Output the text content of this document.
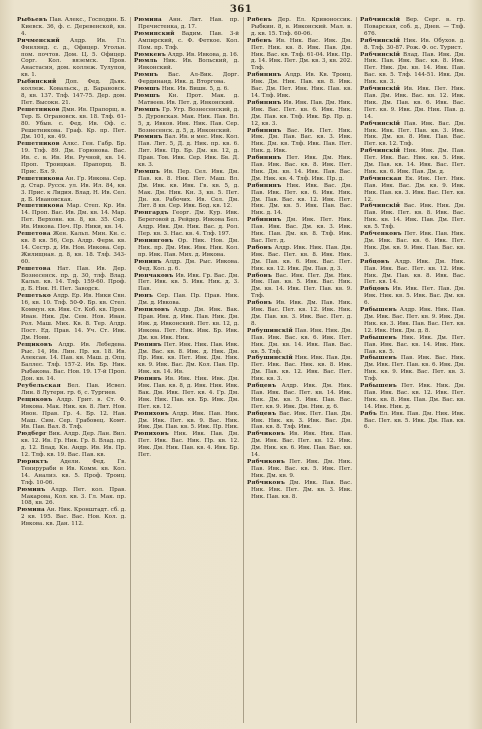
361
Рыбьевъ Пав. Алекс., Господин. Б. Киевск. 36, ф. с. Деревенской, кв. 4.
Ричменский Алдр. Ив. Гл. Финлянд. с. д., Офицер. Угольн. пом. почтов. Дом. Ц. 5. Офицер. Сорг. Кол. вяземск. Пров. Анастасия, дом. коллеж. Тулупов, кв. 1.
Рыбинский Доп. Фед. Дьяк. коллеж. Ковальск., д. Барановск. 8, кв. 137. Тлф. 147-75. Дер. дом. Пет. Высокн. 21.
Решетников Дми. Ив. Прапорщ. в. Тер. Б. Ограновск. кв. 18. Тлф. 61-80. Убыв. с. Фед. Ив. Оф. с. Решетникова. Граф. Кр. пр. Пет. Дм. 101, кв. 49.
Решетников Алкс. Ген. Габр. Бр. 19. Тлф. 89. Дм. Горюнова. Вас. Ив. с. в. Ив. Ин. Ручной, кв. 14. Проп. Троицкая. Прапорщ. В. Прис. Бл. 9.
Решетникова Ан. Гр. Ивкова. Сер. д. Стар. Русск. ул. Ив. Ил. 84, кв. 3. Прис. к Лидия. Влад. Н. Ив. Сел. д. Б. Ивановская.
Решетникова Мар. Степ. Кр. Ив. 14. Проп. Вас. Ив. Дм. кв. 14. Мар. Пет. Верховн. кв. 8, кв. 35. Сер. Ив. Ивкова. Поч. Пр. Ники, кв. 14.
Решетова Жен. Кальп. Мин. Кн. с. кв. 8 кв. 56, Сер. Алдр. Ферм. кв. 14. Сестр. д. Ив. Нов. Ивкова. Сер. Жилищная. д. 8, кв. 18. Тлф. 343-60.
Решетова Нат. Пав. Ив. Дер. Вознесенск. пр. д. 30, тлф. Влад. Кальп. кв. 14. Тлф. 159-60. Проф. д. Б. Ник. Н. Пет. Заводск.
Решетько Алдр. Ер. Ив. Ники Свн. 16, кв. 10. Тлф. 50-Ф. Бр. кв. Стел. Коммун. кв. Ивк. Ст. Коб. кв. Пров. Иван. Ник. Дм. Сем. Нов. Иван. Рол. Маш. Мих. Кв. 8. Тер. Алдр. Пост. Ед. Прав. 14. Уч. Ст. Ивк. Дм. Нови.
Рещиковъ Алдр. Ив. Лебедева. Рыс. 14, Ив. Лин. Пр. кв. 18. Ив. Алексан. 14. Пав. кв. Маш. д. Опц. Баллес. Тлф. 157-2. Ив. Бр. Ник. Рыбакова. Вас. Нов. 19. 17-й Проп. Дон. кв. 14.
Реубельская Вел. Пав. Исвел. Лин. 8 Лутерн. гр. 6, с. Тургиев.
Рещиковъ Алдр. Грит. в. Ст. Ф. Ивкова. Мак. Ник. кв. 8. Лит. Нов. Ивон. Прав. Гр. 4. Бр. 12. Нав. Маш. Сим. Сер. Грабовец. Комт. Ив. Пав. Вал. 8. Тлф.
Рюдберг Вик. Алдр. Дер. Лан. Вил. кв. 12. Ив. Гр. Ник. Гр. 8. Влад. пр. д. 12. Влад. Кн. Андр. Ив. Ив. Пр. 12. Тлф. кв. 19. Вас. Пав. кв.
Рюриктъ Адели. Фед. Гв. Тенирураби в Ив. Комм. кв. Кол. 14. Анализ. кв. 5. Проф. Троиц. Тлф. 10-06.
Рюминъ Алдр. Пет. кол. Прав. Макарова, Кол. кв. 3. Гл. Мак. пр. 108, кв. 26.
Рюмина Ан. Ник. Кронштадт. сб. д. 2 кв. 195. Вас. Вас. Нов. Кол. д. Ивкова. кв. Дан. 112.
Рюмина Анн. Лит. Нав. пр. Пречистенка, д. 17.
Рюминский Вадим. Пав. 3-й Ампирский, с. Ф. Феткое. Кол. Пом. пр. Тлф.
Рюмкевъ Алдр. Ив. Ивкова, д. 16.
Рюмль Ник. Ив. Вольский, д. Ивконский.
Рюмнъ Вас. Ал-Вик. Дорг. Фердинанд. Ивк. д. Вторгова.
Рюмшъ Ник. Ив. Вишн. 5, д. 6.
Рюмшъ Кн. Прот. Мак. д. Матвеев. Ив. Пет. д. Ивконский.
Рюмшъ Гр. Угр. Вознесенский, д. 5. Дуровская. Мак. Ник. Пав. Вл. 5, д. Ивков. Ивк. Ник. Пав. Сер. Вознесенск. д. 5, д. Ивконский.
Рюминъ Вал. Ив. и мес. Ивк. Кол. Пав. Лит. 5, Д. д. Ник. пр. кв. 6. Лит. Ивк. Пр. Бр. Дм. кв. 12, д. Прав. Тов. Ивк. Сер. Ивк. Бв. Д. кв. 3.
Рюмшъ Ив. Пер. Сел. Ивк. Дм. Пав. кв. 8. Ник. Пет. Маш. Вл. Дм. Ивк. кв. Ивк. Гв. кв. 5, д. Мак. Дм. Ник. Кн. 3, кв. 5. Пет. Дн. кв. Рабочих. Ив. Сел. Дм. Лит. 8 кв. Сер. Ивк. Бод. кв. 12.
Рюнгардъ Георг. Дм. Кур. Ивк. Береговой д. Рейдер. Ивкова Бел. Алдр. Ивк. Дм. Ник. Вас. д. Рол. Пер. кв. 3. Нас. кв. 4. Тлф. 197.
Рюнинговъ Ор. Ник. Нов. Дм. Ник. пр. Дм. Ивк. Ивк. Ник. Кол. пр. Ивк. Пав. Мих. д. Ивкова.
Рюнинъ Алдр. Дм. Рыс. Ивкова. Фед. Кол. д. 6.
Рюнчаковъ Ив. Ивк. Гр. Вас. Дм. Пет. Ивк. кв. 5. Ивк. Ник. д. 3. Пав.
Рюнъ Сер. Пав. Пр. Прав. Ник. Дм. д. Ивкова.
Рюпиловъ Алдр. Дм. Ивк. Вак. Прав. Ивк. д. Ивк. Пав. Ник. Дм. Ивк. д. Ивконский. Пет. кв. 12, д. Ивкова. Пет. Ник. Ивк. Бр. Ивк. Дм. кв. Ивк. Ник.
Рюпинъ Пет. Ивк. Ник. Пав. Ивк. Дм. Вас. кв. 8. Ивк. д. Ник. Дм. Пр. Ивк. кв. Пет. Ивк. Дм. Ник. кв. 9. Ивк. Вас. Дм. Кол. Пав. Пр. Ивк. кв. 14. Ив.
Рюпинъ Ив. Ивк. Ник. Ивк. Дм. Ивк. Пав. кв. 8, д. Ивк. Ник. Ивк. Вак. Дм. Ивк. Пет. кв. 4. Гр. Дм. Ивк. Ник. Пав. кв. Бр. Ивк. Дм. Пет. кв. 12.
Рюпиховъ Алдр. Ивк. Пав. Ник. Дм. Ивк. Пет. кв. 9. Вас. Ник. Ивк. Дм. Пав. кв. 5. Ивк. Пр. Ник.
Рюпиховъ Ник. Ивк. Пав. Дм. Пет. Ивк. Вас. Ник. Пр. кв. 12. Ивк. Дм. Ник. Пав. кв. 4. Ивк. Бр. Пет.
Рябевъ Дер. Ел. Кривоноссик. Рыбкин. 8, в. Ивконский. Мал. в. д. кв. 15. Тлф. 60-06.
Рябевъ Ив. Ник. Вас. Ивк. Дм. Пет. Ник. кв. 8. Ивк. Пав. Дм. Ник. Вас. кв. Тлф. 61-04. Ивк. Пр. д. 14. Ивк. Пет. Дм. кв. 3, кв. 202. Тлф.
Рябининъ Алдр. Ив. Кв. Троиц. Ивк. Дм. Ник. Пав. кв. 8. Ивк. Вас. Дм. Пет. Ивк. Ник. Пав. кв. 14. Тлф. Ивк.
Рябининъ Ив. Ивк. Пав. Дм. Ник. Ивк. Вас. Пет. кв. 6. Ивк. Ник. Дм. Пав. кв. Тлф. Ивк. Бр. Пр. д. 12, кв. 3.
Рябининъ Вас. Ив. Пет. Ник. Ивк. Дм. Пав. Вас. кв. 3. Ивк. Ник. Дм. кв. Тлф. Ивк. Пав. Пет. Ник. д. Ивк.
Рябининъ Пет. Ивк. Дм. Ник. Пав. Ивк. Вас. кв. 8. Ивк. Пет. Ник. Дм. кв. 14. Ивк. Пав. Вас. Дм. Ник. кв. 4. Тлф. Ивк. Пр. д.
Рябининъ Ник. Ивк. Вас. Дм. Пав. Ивк. Пет. кв. 6. Ивк. Ник. Дм. Пав. Вас. кв. 12. Ивк. Пет. Ник. Дм. кв. 5. Ивк. Пав. Вас. Ник. д. 14.
Рябининъ Дм. Ивк. Пет. Ник. Пав. Ивк. Вас. Дм. кв. 3. Ивк. Ник. Пав. Дм. кв. 8. Тлф. Ивк. Вас. Пет. д.
Рябовъ Алдр. Ивк. Ник. Пав. Дм. Ивк. Вас. Пет. кв. 8. Ивк. Ник. Дм. Пав. кв. 6. Ивк. Вас. Пет. Ник. кв. 12. Ивк. Дм. Пав. д. 3.
Рябовъ Вас. Ивк. Пет. Дм. Ник. Ивк. Пав. кв. 5. Ивк. Вас. Ник. Дм. кв. 14. Ивк. Пет. Пав. кв. 9. Тлф.
Рябовъ Ив. Ивк. Дм. Пав. Ник. Ивк. Вас. Пет. кв. 12. Ивк. Ник. Дм. Пав. кв. 3. Ивк. Вас. Пет. д. 8.
Рябушинскій Пав. Ивк. Ник. Дм. Пав. Ивк. Вас. кв. 6. Ивк. Пет. Ник. Дм. кв. 14. Ивк. Пав. Вас. кв. 5. Тлф.
Рябушинскій Ник. Ивк. Пав. Дм. Пет. Ивк. Вас. Ник. кв. 8. Ивк. Дм. Пав. кв. 12. Ивк. Вас. Пет. Ник. кв. 3.
Рябцевъ Алдр. Ивк. Дм. Ник. Пав. Ивк. Вас. Пет. кв. 14. Ивк. Ник. Дм. кв. 5. Ивк. Пав. Вас. Пет. кв. 9. Ивк. Дм. Ник. д. 6.
Рябцевъ Вас. Ивк. Пет. Пав. Дм. Ивк. Ник. кв. 3. Ивк. Вас. Дм. Пав. кв. 8. Тлф. Ивк.
Рябчиковъ Ив. Ивк. Ник. Пав. Дм. Ивк. Вас. Пет. кв. 12. Ивк. Дм. Ник. кв. 6. Ивк. Пав. Вас. кв. 14.
Рябчиковъ Пет. Ивк. Дм. Ник. Пав. Ивк. Вас. кв. 5. Ивк. Пет. Ник. Дм. кв. 9.
Рябчиковъ Дм. Ивк. Пав. Вас. Ник. Ивк. Пет. Дм. кв. 3. Ивк. Ник. Пав. кв. 8.
Рябчинскій Вер. Серг. в. гр. Поварская, соб. д., Днев. — Тлф. 676.
Рябчинскій Ник. Ив. Обухов. д. 8. Тлф. 30-87. Рож. Ф. ос. Турист.
Рябчинскій Влад. Пав. Ивк. Дм. Ник. Пав. Ивк. Вас. кв. 8. Ивк. Пет. Ник. Дм. кв. 14. Ивк. Пав. Вас. кв. 5. Тлф. 144-51. Ивк. Дм. Ник. кв. 3.
Рябчинскій Ив. Ивк. Пет. Ник. Пав. Дм. Ивк. Вас. кв. 12. Ивк. Ник. Дм. Пав. кв. 6. Ивк. Вас. Пет. кв. 9. Ивк. Дм. Ник. Пав. д. 14.
Рябчинскій Пав. Ивк. Вас. Дм. Ник. Ивк. Пет. Пав. кв. 3. Ивк. Ник. Дм. кв. 8. Ивк. Пав. Вас. Пет. кв. 12. Тлф.
Рябчинскій Ник. Ивк. Дм. Пав. Пет. Ивк. Вас. Ник. кв. 5. Ивк. Дм. Пав. кв. 14. Ивк. Вас. Пет. Ник. кв. 6. Ивк. Пав. Дм. д.
Рябчинская Ек. Ивк. Пет. Ник. Пав. Ивк. Вас. Дм. кв. 9. Ивк. Ник. Пав. кв. 3. Ивк. Вас. Пет. кв. 12.
Рябчинскій Вас. Ивк. Ник. Дм. Пав. Ивк. Пет. кв. 8. Ивк. Вас. Ник. кв. 14. Ивк. Пав. Дм. Пет. кв. 5. Тлф.
Рябченковъ Пет. Ивк. Пав. Ник. Дм. Ивк. Вас. кв. 6. Ивк. Пет. Ник. Дм. кв. 9. Ивк. Пав. Вас. кв. 3.
Рябцовъ Алдр. Ивк. Дм. Ник. Пав. Ивк. Вас. Пет. кв. 12. Ивк. Ник. Дм. Пав. кв. 8. Ивк. Вас. Пет. кв. 14.
Рябцовъ Ив. Ивк. Пет. Пав. Дм. Ивк. Ник. кв. 5. Ивк. Вас. Дм. кв. 6.
Рябышевъ Алдр. Ивк. Ник. Пав. Дм. Ивк. Вас. Пет. кв. 9. Ивк. Дм. Ник. кв. 3. Ивк. Пав. Вас. Пет. кв. 12. Ивк. Ник. Дм. д. 8.
Рябышевъ Ник. Ивк. Дм. Пет. Пав. Ивк. Вас. кв. 14. Ивк. Ник. Пав. кв. 5.
Рябышевъ Пав. Ивк. Вас. Ник. Дм. Ивк. Пет. Пав. кв. 6. Ивк. Дм. Ник. кв. 9. Ивк. Вас. Пет. кв. 3. Тлф.
Рябышевъ Пет. Ивк. Ник. Дм. Пав. Ивк. Вас. кв. 12. Ивк. Пет. Ник. кв. 8. Ивк. Пав. Дм. Вас. кв. 14. Ивк. Ник. д.
Рябъ Ел. Ивк. Пав. Дм. Ник. Ивк. Вас. Пет. кв. 5. Ивк. Дм. Пав. кв. 6.
